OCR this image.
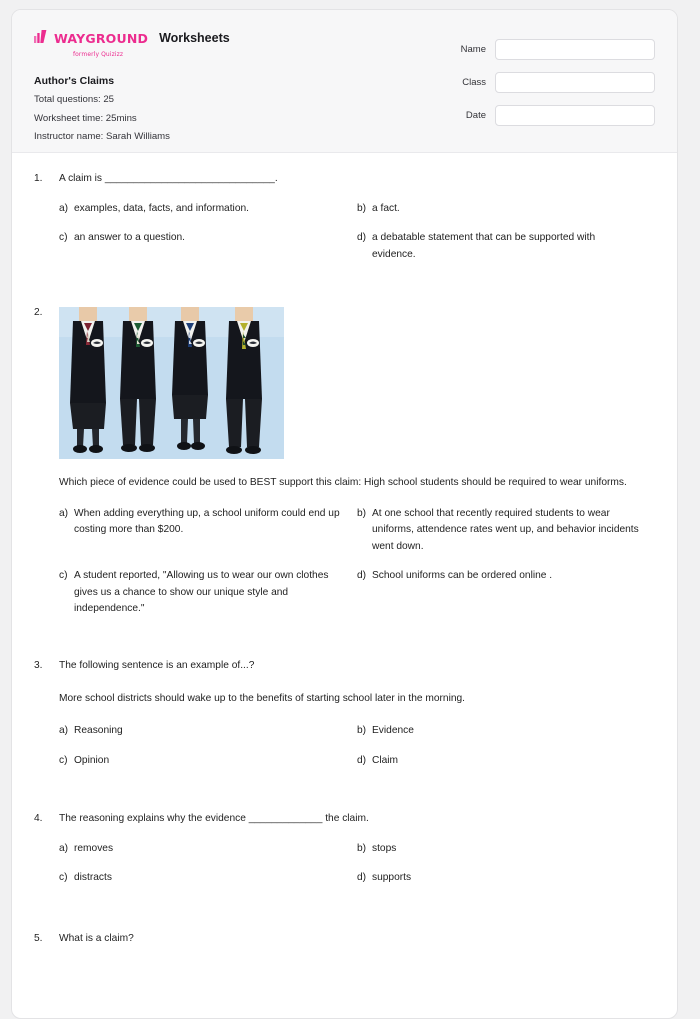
WAYGROUND
formerly Quizizz
Worksheets
Author's Claims
Total questions: 25
Worksheet time: 25mins
Instructor name: Sarah Williams
Name
Class
Date
1.	A claim is ______________________________.
a) examples, data, facts, and information.	b) a fact.
c) an answer to a question.	d) a debatable statement that can be supported with evidence.
2.
Which piece of evidence could be used to BEST support this claim: High school students should be required to wear uniforms.
a) When adding everything up, a school uniform could end up costing more than $200.
b) At one school that recently required students to wear uniforms, attendence rates went up, and behavior incidents went down.
c) A student reported, "Allowing us to wear our own clothes gives us a chance to show our unique style and independence."
d) School uniforms can be ordered online .
3.	The following sentence is an example of...?
More school districts should wake up to the benefits of starting school later in the morning.
a) Reasoning	b) Evidence
c) Opinion	d) Claim
4.	The reasoning explains why the evidence _____________ the claim.
a) removes	b) stops
c) distracts	d) supports
5.	What is a claim?
